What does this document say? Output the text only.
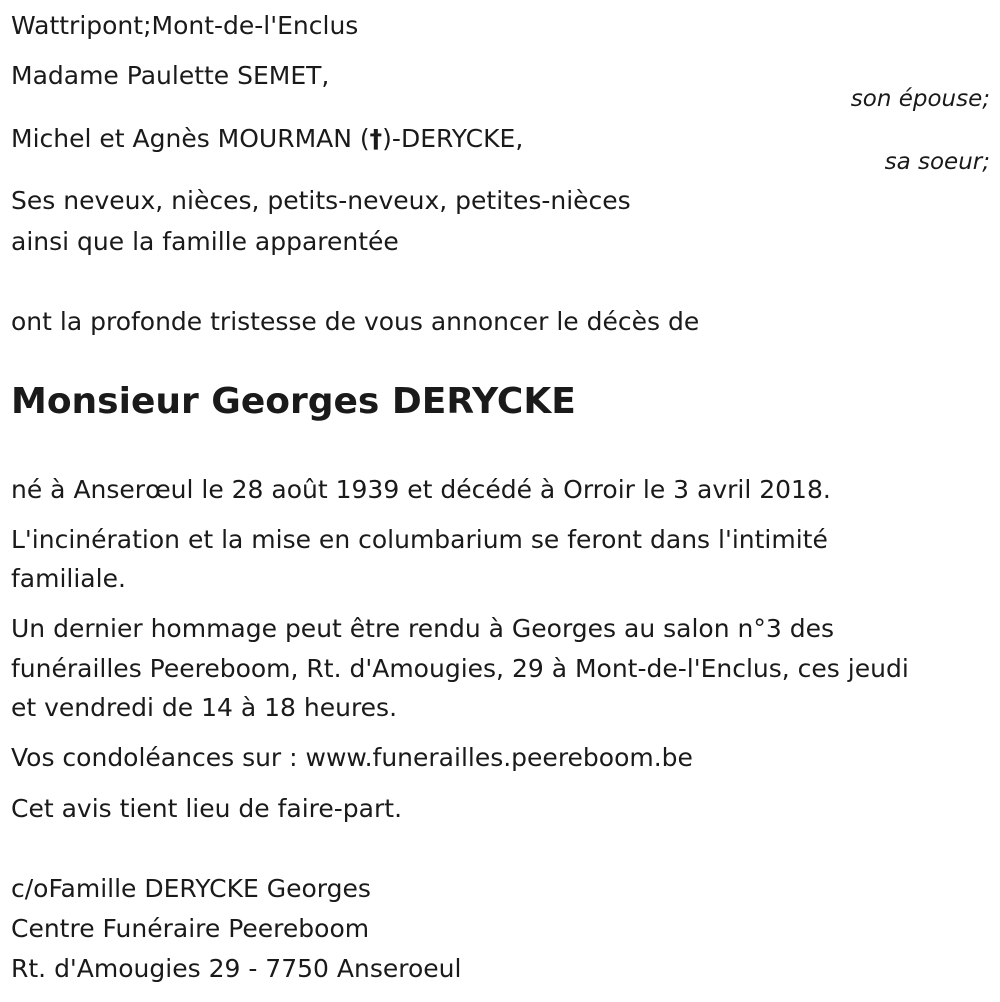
Wattripont;Mont-de-l'Enclus
Madame Paulette SEMET,
son épouse;
Michel et Agnès MOURMAN (†)-DERYCKE,
sa soeur;
Ses neveux, nièces, petits-neveux, petites-nièces
ainsi que la famille apparentée
ont la profonde tristesse de vous annoncer le décès de
Monsieur Georges DERYCKE
né à Anserœul le 28 août 1939 et décédé à Orroir le 3 avril 2018.
L'incinération et la mise en columbarium se feront dans l'intimité
familiale.
Un dernier hommage peut être rendu à Georges au salon n°3 des
funérailles Peereboom, Rt. d'Amougies, 29 à Mont-de-l'Enclus, ces jeudi
et vendredi de 14 à 18 heures.
Vos condoléances sur : www.funerailles.peereboom.be
Cet avis tient lieu de faire-part.
c/oFamille DERYCKE Georges
Centre Funéraire Peereboom
Rt. d'Amougies 29 - 7750 Anseroeul
